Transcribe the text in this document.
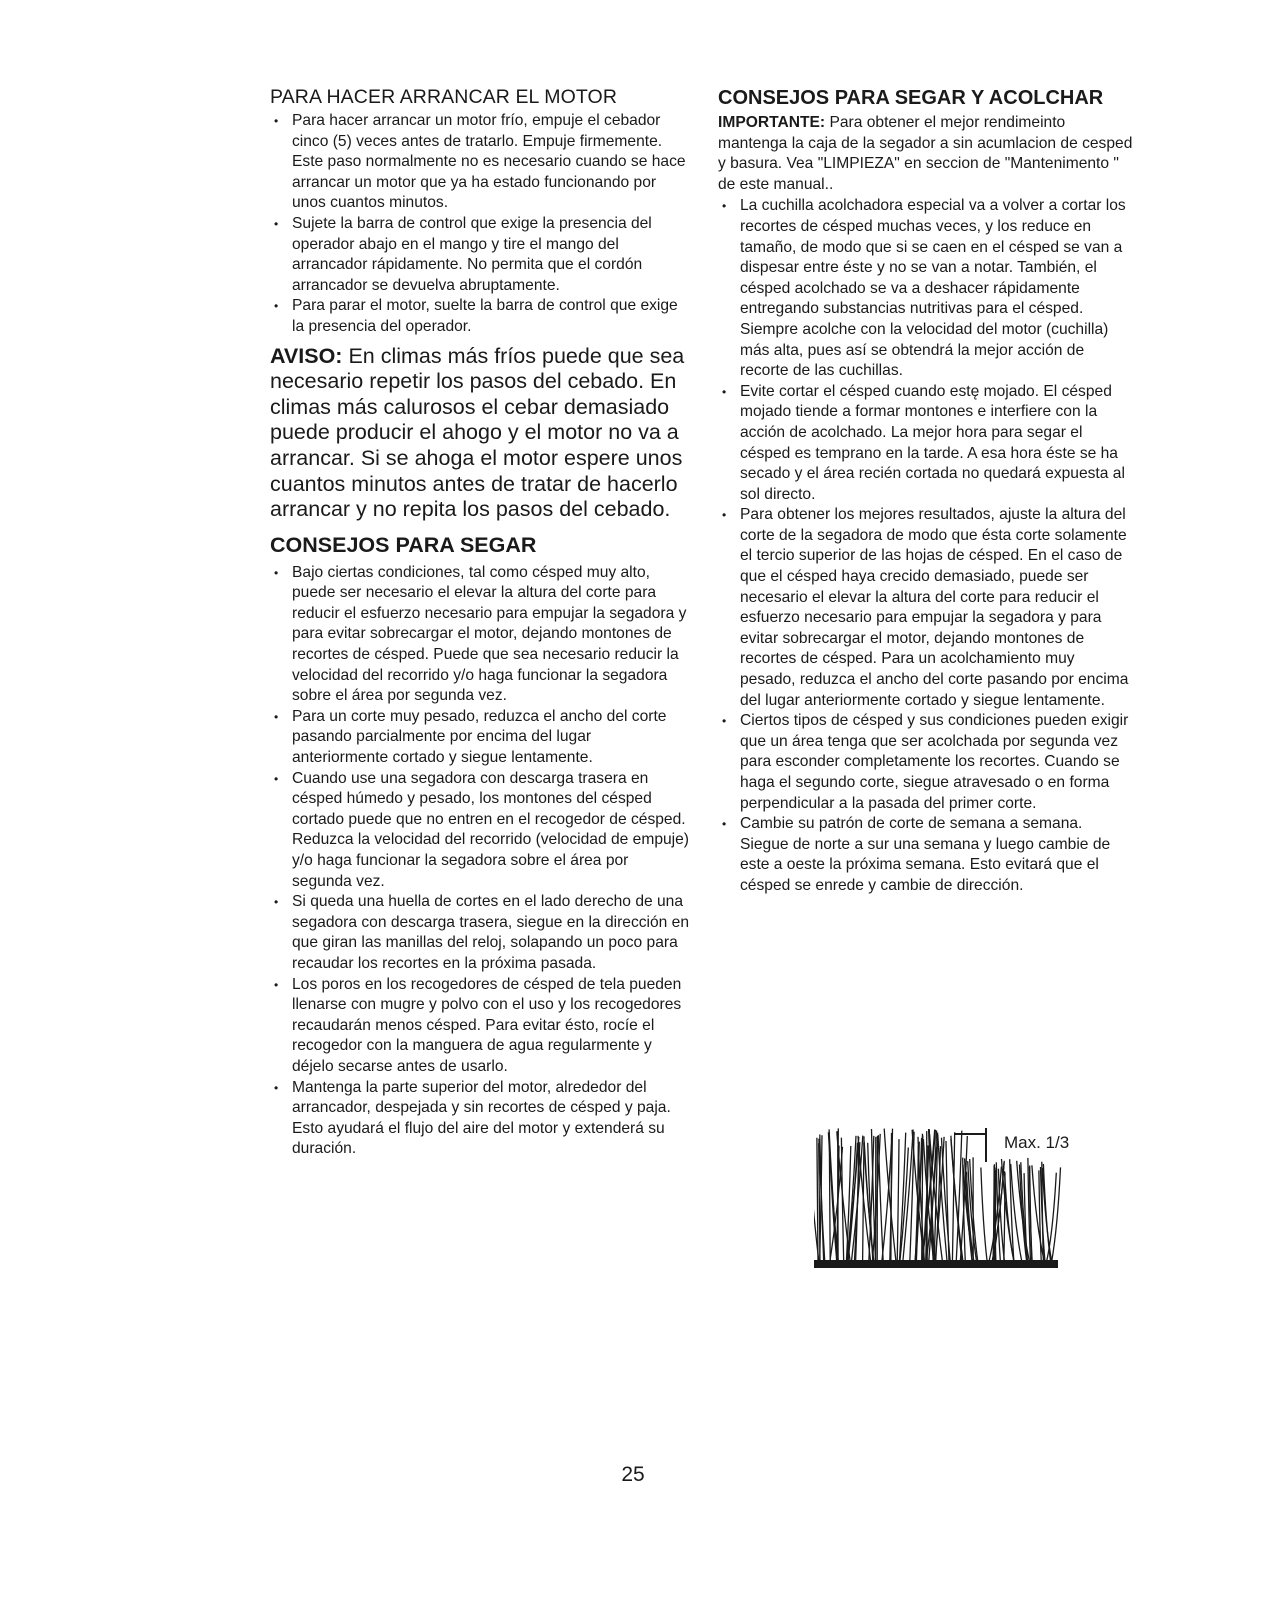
PARA HACER ARRANCAR EL MOTOR
• Para hacer arrancar un motor frío, empuje el cebador cinco (5) veces antes de tratarlo. Empuje firmemente. Este paso normalmente no es necesario cuando se hace arrancar un motor que ya ha estado funcionando por unos cuantos minutos.
• Sujete la barra de control que exige la presencia del operador abajo en el mango y tire el mango del arrancador rápidamente. No permita que el cordón arrancador se devuelva abruptamente.
• Para parar el motor, suelte la barra de control que exige la presencia del operador.

AVISO: En climas más fríos puede que sea necesario repetir los pasos del cebado. En climas más calurosos el cebar demasiado puede producir el ahogo y el motor no va a arrancar. Si se ahoga el motor espere unos cuantos minutos antes de tratar de hacerlo arrancar y no repita los pasos del cebado.

CONSEJOS PARA SEGAR
• Bajo ciertas condiciones, tal como césped muy alto, puede ser necesario el elevar la altura del corte para reducir el esfuerzo necesario para empujar la segadora y para evitar sobrecargar el motor, dejando montones de recortes de césped. Puede que sea necesario reducir la velocidad del recorrido y/o haga funcionar la segadora sobre el área por segunda vez.
• Para un corte muy pesado, reduzca el ancho del corte pasando parcialmente por encima del lugar anteriormente cortado y siegue lentamente.
• Cuando use una segadora con descarga trasera en césped húmedo y pesado, los montones del césped cortado puede que no entren en el recogedor de césped. Reduzca la velocidad del recorrido (velocidad de empuje) y/o haga funcionar la segadora sobre el área por segunda vez.
• Si queda una huella de cortes en el lado derecho de una segadora con descarga trasera, siegue en la dirección en que giran las manillas del reloj, solapando un poco para recaudar los recortes en la próxima pasada.
• Los poros en los recogedores de césped de tela pueden llenarse con mugre y polvo con el uso y los recogedores recaudarán menos césped. Para evitar ésto, rocíe el recogedor con la manguera de agua regularmente y déjelo secarse antes de usarlo.
• Mantenga la parte superior del motor, alrededor del arrancador, despejada y sin recortes de césped y paja. Esto ayudará el flujo del aire del motor y extenderá su duración.
CONSEJOS PARA SEGAR Y ACOLCHAR

IMPORTANTE: Para obtener el mejor rendimeinto mantenga la caja de la segador a sin acumlacion de cesped y basura. Vea "LIMPIEZA" en seccion de "Mantenimento " de este manual..

• La cuchilla acolchadora especial va a volver a cortar los recortes de césped muchas veces, y los reduce en tamaño, de modo que si se caen en el césped se van a dispesar entre éste y no se van a notar. También, el césped acolchado se va a deshacer rápidamente entregando substancias nutritivas para el césped. Siempre acolche con la velocidad del motor (cuchilla) más alta, pues así se obtendrá la mejor acción de recorte de las cuchillas.
• Evite cortar el césped cuando estę mojado. El césped mojado tiende a formar montones e interfiere con la acción de acolchado. La mejor hora para segar el césped es temprano en la tarde. A esa hora éste se ha secado y el área recién cortada no quedará expuesta al sol directo.
• Para obtener los mejores resultados, ajuste la altura del corte de la segadora de modo que ésta corte solamente el tercio superior de las hojas de césped. En el caso de que el césped haya crecido demasiado, puede ser necesario el elevar la altura del corte para reducir el esfuerzo necesario para empujar la segadora y para evitar sobrecargar el motor, dejando montones de recortes de césped. Para un acolchamiento muy pesado, reduzca el ancho del corte pasando por encima del lugar anteriormente cortado y siegue lentamente.
• Ciertos tipos de césped y sus condiciones pueden exigir que un área tenga que ser acolchada por segunda vez para esconder completamente los recortes. Cuando se haga el segundo corte, siegue atravesado o en forma perpendicular a la pasada del primer corte.
• Cambie su patrón de corte de semana a semana. Siegue de norte a sur una semana y luego cambie de este a oeste la próxima semana. Esto evitará que el césped se enrede y cambie de dirección.
Max. 1/3
25
